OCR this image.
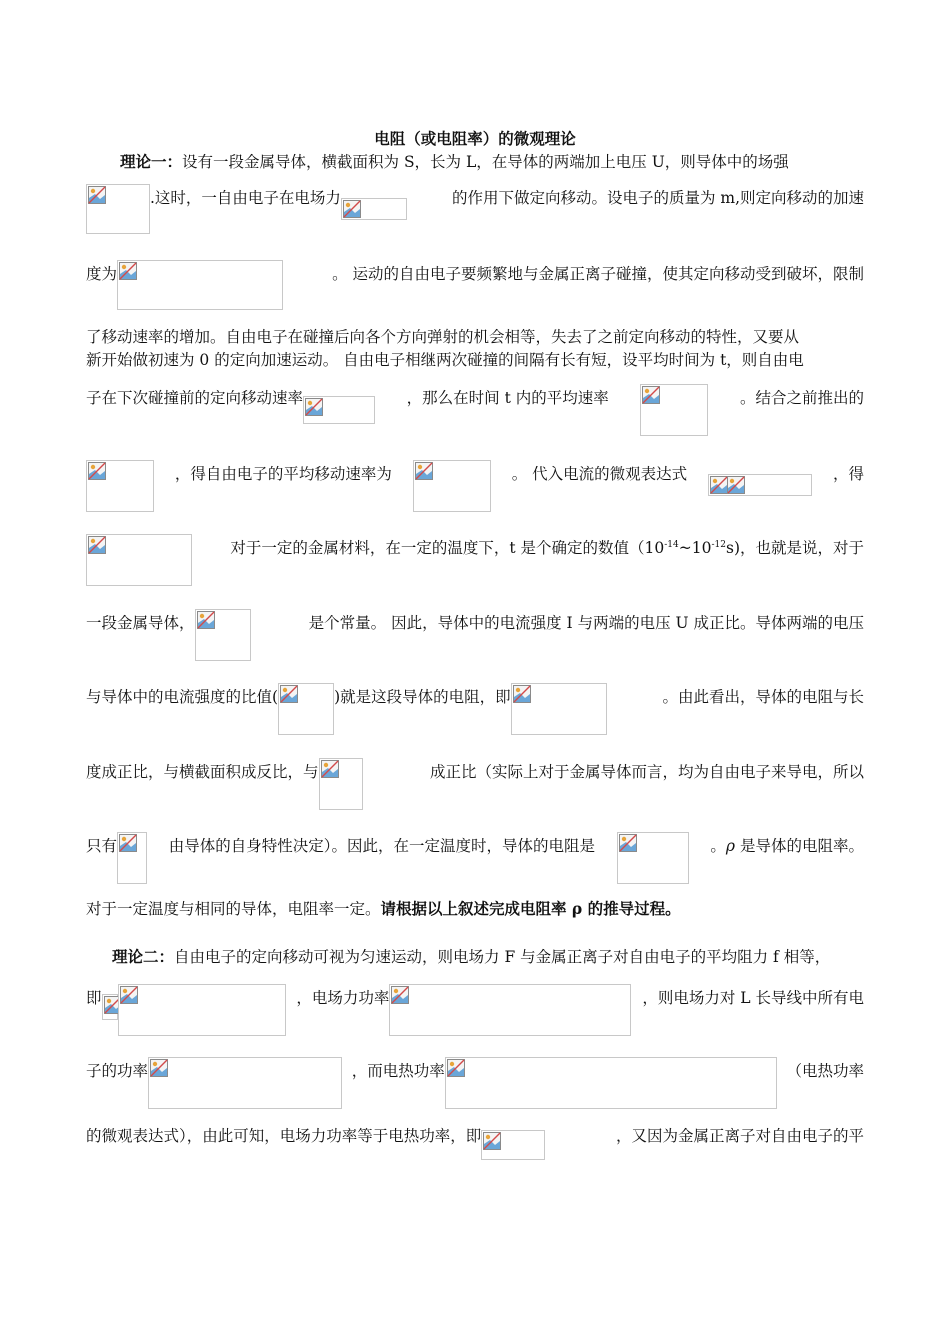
电阻（或电阻率）的微观理论
理论一：设有一段金属导体，横截面积为 S，长为 L，在导体的两端加上电压 U，则导体中的场强
.这时，一自由电子在电场力	的作用下做定向移动。设电子的质量为 m,则定向移动的加速
度为	。 运动的自由电子要频繁地与金属正离子碰撞，使其定向移动受到破坏，限制
了移动速率的增加。自由电子在碰撞后向各个方向弹射的机会相等，失去了之前定向移动的特性，又要从
新开始做初速为 0 的定向加速运动。 自由电子相继两次碰撞的间隔有长有短，设平均时间为 t，则自由电
子在下次碰撞前的定向移动速率	，那么在时间 t 内的平均速率	。结合之前推出的
，得自由电子的平均移动速率为	。 代入电流的微观表达式	，得
对于一定的金属材料，在一定的温度下，t 是个确定的数值$(10^{-14}\sim 10^{-12}s)$，也就是说，对于
一段金属导体，	是个常量。 因此，导体中的电流强度 I 与两端的电压 U 成正比。导体两端的电压
与导体中的电流强度的比值(	)就是这段导体的电阻，即	。由此看出，导体的电阻与长
度成正比，与横截面积成反比，与	成正比（实际上对于金属导体而言，均为自由电子来导电，所以
只有	由导体的自身特性决定）。因此，在一定温度时，导体的电阻是	。ρ 是导体的电阻率。
对于一定温度与相同的导体，电阻率一定。请根据以上叙述完成电阻率 ρ 的推导过程。
理论二：自由电子的定向移动可视为匀速运动，则电场力 F 与金属正离子对自由电子的平均阻力 f 相等，
即	，电场力功率	，则电场力对 L 长导线中所有电
子的功率	，而电热功率	（电热功率
的微观表达式），由此可知，电场力功率等于电热功率，即	，又因为金属正离子对自由电子的平
